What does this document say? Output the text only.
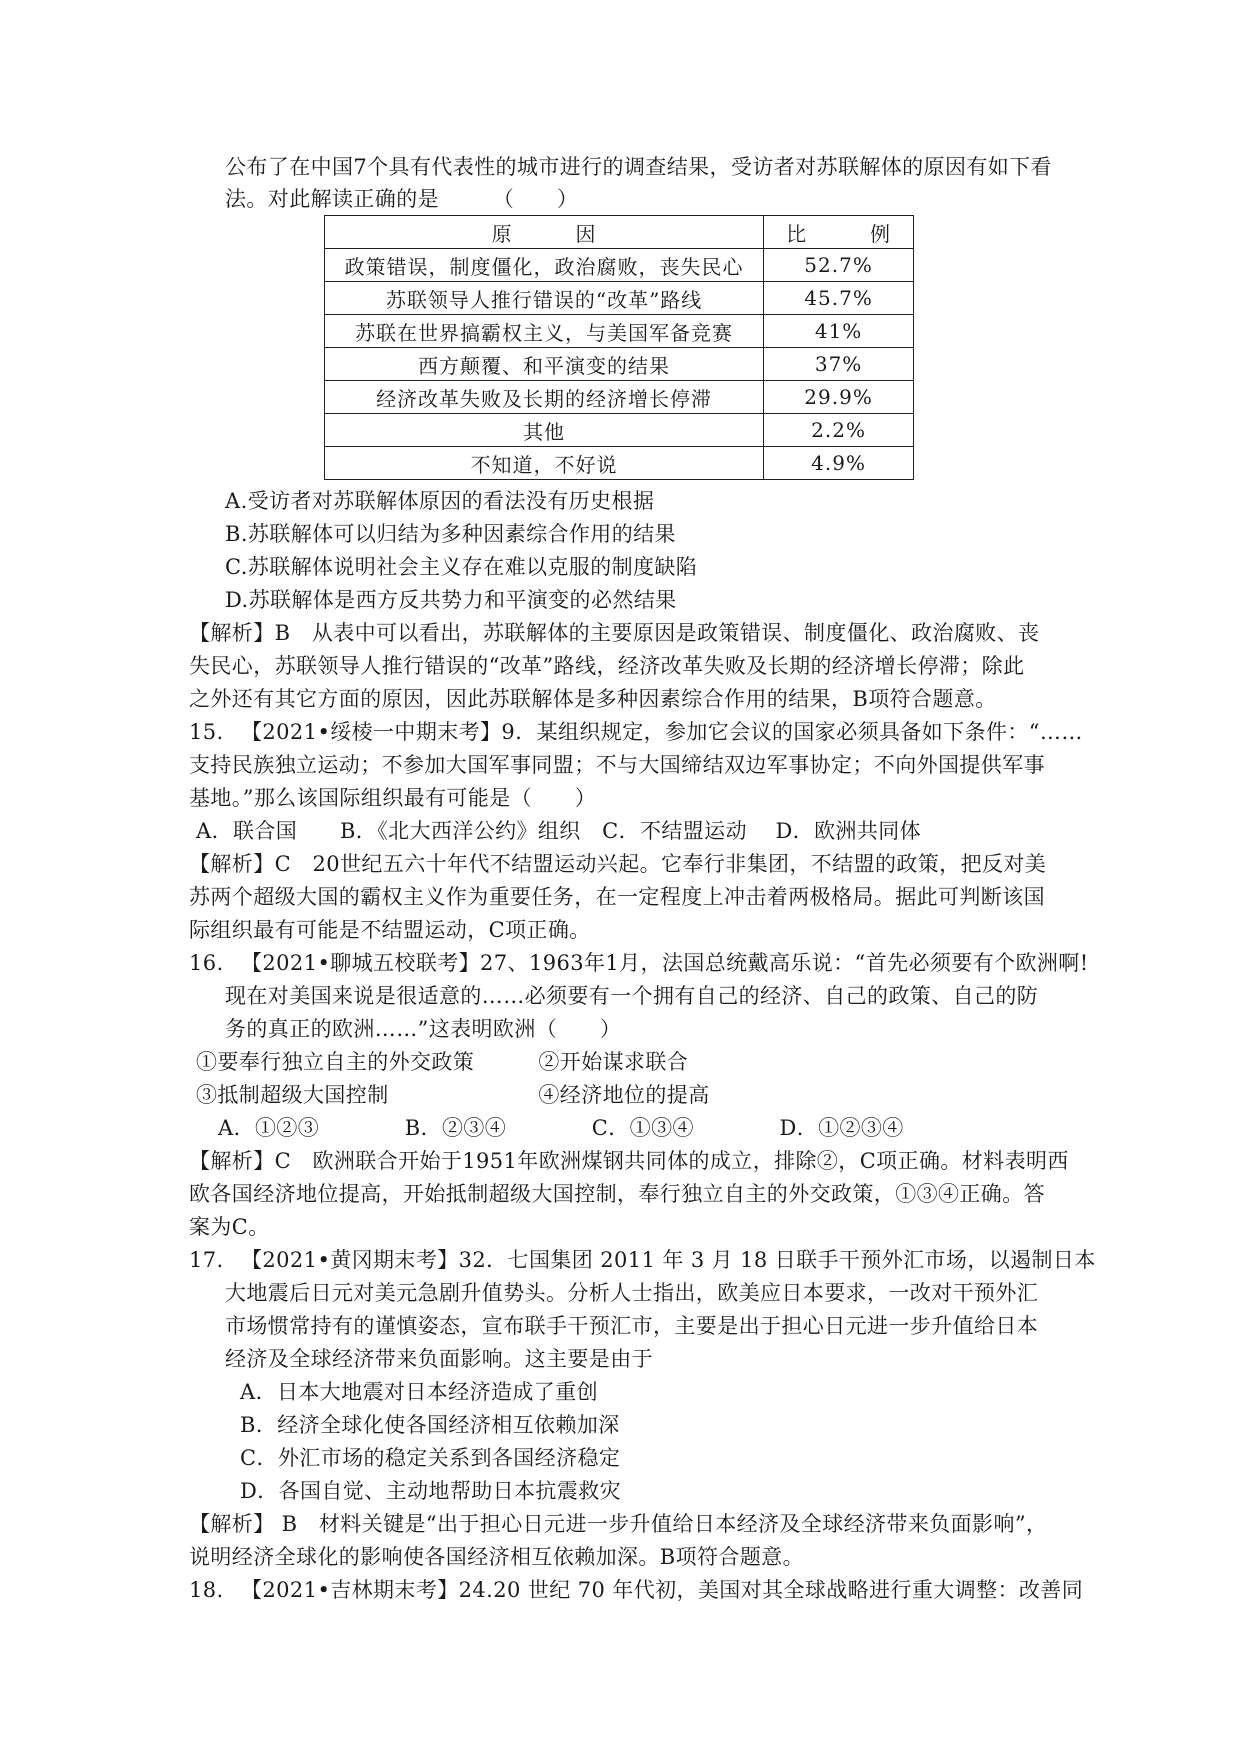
公布了在中国7个具有代表性的城市进行的调查结果，受访者对苏联解体的原因有如下看
法。对此解读正确的是　　　（　　）
原　　　因	比　　　例
政策错误，制度僵化，政治腐败，丧失民心	52.7%
苏联领导人推行错误的“改革”路线	45.7%
苏联在世界搞霸权主义，与美国军备竞赛	41%
西方颠覆、和平演变的结果	37%
经济改革失败及长期的经济增长停滞	29.9%
其他	2.2%
不知道，不好说	4.9%
A.受访者对苏联解体原因的看法没有历史根据
B.苏联解体可以归结为多种因素综合作用的结果
C.苏联解体说明社会主义存在难以克服的制度缺陷
D.苏联解体是西方反共势力和平演变的必然结果
【解析】B　从表中可以看出，苏联解体的主要原因是政策错误、制度僵化、政治腐败、丧
失民心，苏联领导人推行错误的“改革”路线，经济改革失败及长期的经济增长停滞；除此
之外还有其它方面的原因，因此苏联解体是多种因素综合作用的结果，B项符合题意。
15. 【2021•绥棱一中期末考】9．某组织规定，参加它会议的国家必须具备如下条件：“……
支持民族独立运动；不参加大国军事同盟；不与大国缔结双边军事协定；不向外国提供军事
基地。”那么该国际组织最有可能是（　　）
A．联合国　　B．《北大西洋公约》组织　C．不结盟运动　 D．欧洲共同体
【解析】C　20世纪五六十年代不结盟运动兴起。它奉行非集团，不结盟的政策，把反对美
苏两个超级大国的霸权主义作为重要任务，在一定程度上冲击着两极格局。据此可判断该国
际组织最有可能是不结盟运动，C项正确。
16. 【2021•聊城五校联考】27、1963年1月，法国总统戴高乐说：“首先必须要有个欧洲啊!
现在对美国来说是很适意的……必须要有一个拥有自己的经济、自己的政策、自己的防
务的真正的欧洲……”这表明欧洲（　　）
①要奉行独立自主的外交政策　　　②开始谋求联合
③抵制超级大国控制　　　　　　　④经济地位的提高
A．①②③　　　　B．②③④　　　　C．①③④　　　　D．①②③④
【解析】C　欧洲联合开始于1951年欧洲煤钢共同体的成立，排除②，C项正确。材料表明西
欧各国经济地位提高，开始抵制超级大国控制，奉行独立自主的外交政策，①③④正确。答
案为C。
17. 【2021•黄冈期末考】32．七国集团 2011 年 3 月 18 日联手干预外汇市场，以遏制日本
大地震后日元对美元急剧升值势头。分析人士指出，欧美应日本要求，一改对干预外汇
市场惯常持有的谨慎姿态，宣布联手干预汇市，主要是出于担心日元进一步升值给日本
经济及全球经济带来负面影响。这主要是由于
A．日本大地震对日本经济造成了重创
B．经济全球化使各国经济相互依赖加深
C．外汇市场的稳定关系到各国经济稳定
D．各国自觉、主动地帮助日本抗震救灾
【解析】 B　材料关键是“出于担心日元进一步升值给日本经济及全球经济带来负面影响”，
说明经济全球化的影响使各国经济相互依赖加深。B项符合题意。
18. 【2021•吉林期末考】24.20 世纪 70 年代初，美国对其全球战略进行重大调整：改善同
